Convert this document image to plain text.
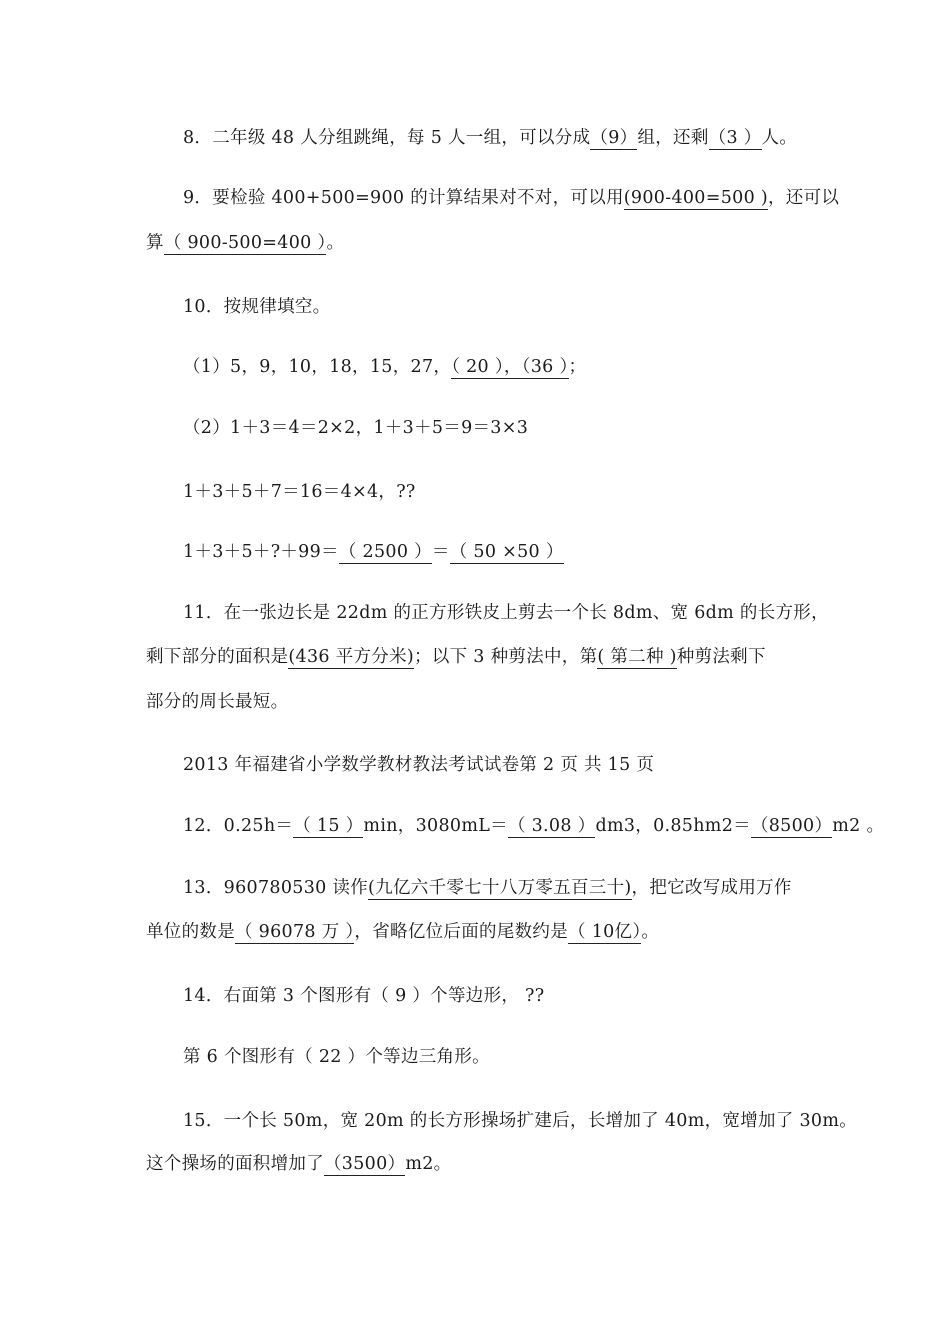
8．二年级 48 人分组跳绳，每 5 人一组，可以分成（9）组，还剩（3 ）人。
9．要检验 400+500=900 的计算结果对不对，可以用(900-400=500 )，还可以
算（ 900-500=400 ）。
10．按规律填空。
（1）5，9，10，18，15，27，（ 20 ），（36 ）；
（2）1＋3＝4＝2×2，1＋3＋5＝9＝3×3
1＋3＋5＋7＝16＝4×4，??
1＋3＋5＋?＋99＝（ 2500 ）＝（ 50 ×50 ）
11．在一张边长是 22dm 的正方形铁皮上剪去一个长 8dm、宽 6dm 的长方形，
剩下部分的面积是(436 平方分米)；以下 3 种剪法中，第( 第二种 )种剪法剩下
部分的周长最短。
2013 年福建省小学数学教材教法考试试卷第 2 页 共 15 页
12．0.25h＝（ 15 ）min，3080mL＝（ 3.08 ）dm3，0.85hm2＝（8500）m2 。
13．960780530 读作(九亿六千零七十八万零五百三十)，把它改写成用万作
单位的数是（ 96078 万 ），省略亿位后面的尾数约是（ 10亿）。
14．右面第 3 个图形有（ 9 ）个等边形， ??
第 6 个图形有（ 22 ）个等边三角形。
15．一个长 50m，宽 20m 的长方形操场扩建后，长增加了 40m，宽增加了 30m。
这个操场的面积增加了（3500）m2。
